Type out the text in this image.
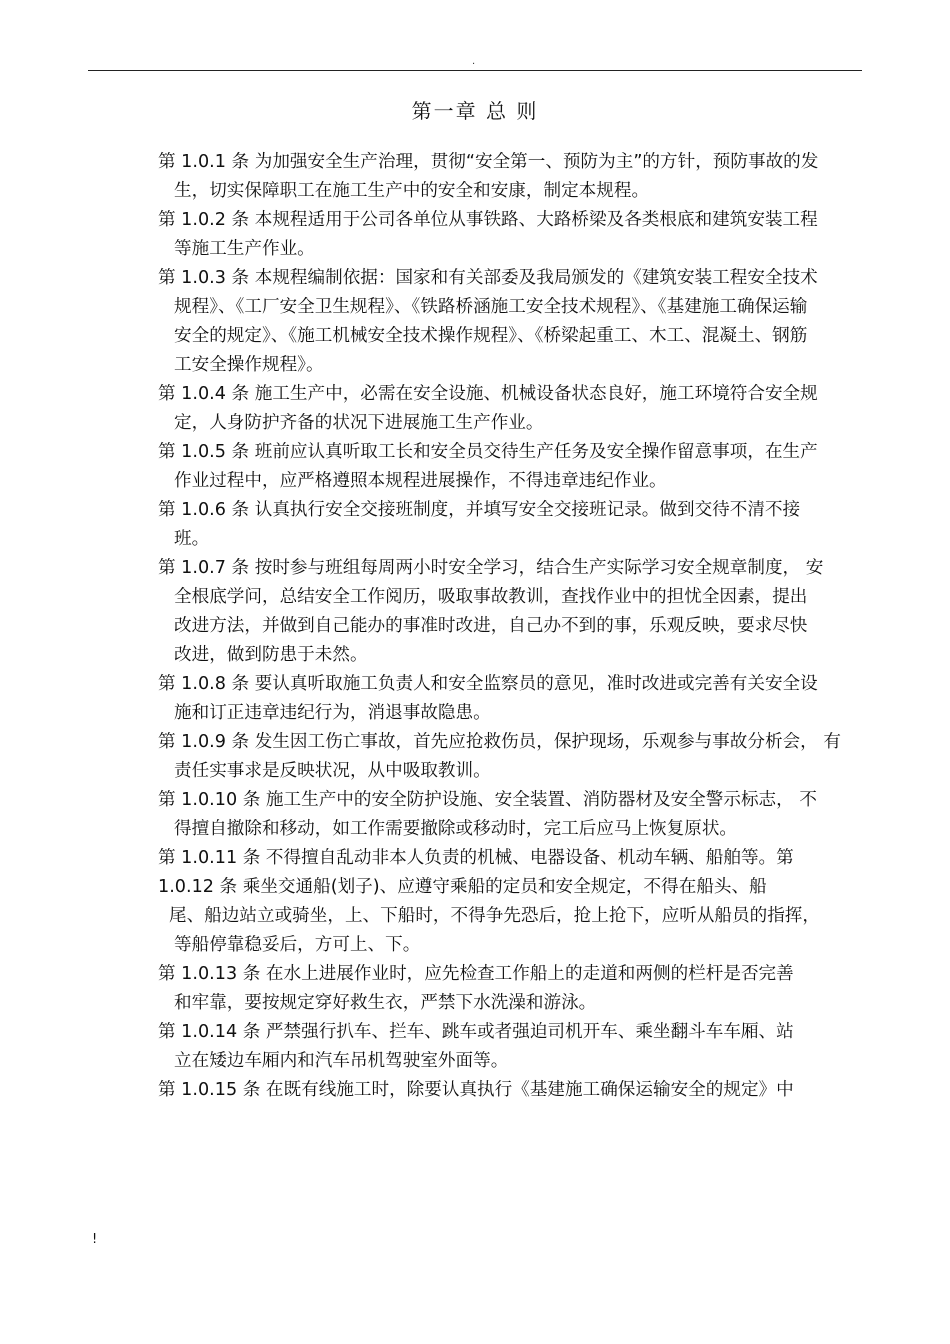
.
第一章 总 则
第 1.0.1 条 为加强安全生产治理，贯彻“安全第一、预防为主”的方针，预防事故的发
生，切实保障职工在施工生产中的安全和安康，制定本规程。
第 1.0.2 条 本规程适用于公司各单位从事铁路、大路桥梁及各类根底和建筑安装工程
等施工生产作业。
第 1.0.3 条 本规程编制依据：国家和有关部委及我局颁发的《建筑安装工程安全技术
规程》、《工厂安全卫生规程》、《铁路桥涵施工安全技术规程》、《基建施工确保运输
安全的规定》、《施工机械安全技术操作规程》、《桥梁起重工、木工、混凝土、钢筋
工安全操作规程》。
第 1.0.4 条 施工生产中，必需在安全设施、机械设备状态良好，施工环境符合安全规
定，人身防护齐备的状况下进展施工生产作业。
第 1.0.5 条 班前应认真听取工长和安全员交待生产任务及安全操作留意事项，在生产
作业过程中，应严格遵照本规程进展操作，不得违章违纪作业。
第 1.0.6 条 认真执行安全交接班制度，并填写安全交接班记录。做到交待不清不接
班。
第 1.0.7 条 按时参与班组每周两小时安全学习，结合生产实际学习安全规章制度， 安
全根底学问，总结安全工作阅历，吸取事故教训，查找作业中的担忧全因素，提出
改进方法，并做到自己能办的事准时改进，自己办不到的事，乐观反映，要求尽快
改进，做到防患于未然。
第 1.0.8 条 要认真听取施工负责人和安全监察员的意见，准时改进或完善有关安全设
施和订正违章违纪行为，消退事故隐患。
第 1.0.9 条 发生因工伤亡事故，首先应抢救伤员，保护现场，乐观参与事故分析会， 有
责任实事求是反映状况，从中吸取教训。
第 1.0.10 条 施工生产中的安全防护设施、安全装置、消防器材及安全警示标志， 不
得擅自撤除和移动，如工作需要撤除或移动时，完工后应马上恢复原状。
第 1.0.11 条 不得擅自乱动非本人负责的机械、电器设备、机动车辆、船舶等。第
1.0.12 条 乘坐交通船(划子)、应遵守乘船的定员和安全规定，不得在船头、船
尾、船边站立或骑坐，上、下船时，不得争先恐后，抢上抢下，应听从船员的指挥，
等船停靠稳妥后，方可上、下。
第 1.0.13 条 在水上进展作业时，应先检查工作船上的走道和两侧的栏杆是否完善
和牢靠，要按规定穿好救生衣，严禁下水洗澡和游泳。
第 1.0.14 条 严禁强行扒车、拦车、跳车或者强迫司机开车、乘坐翻斗车车厢、站
立在矮边车厢内和汽车吊机驾驶室外面等。
第 1.0.15 条 在既有线施工时，除要认真执行《基建施工确保运输安全的规定》中
!
